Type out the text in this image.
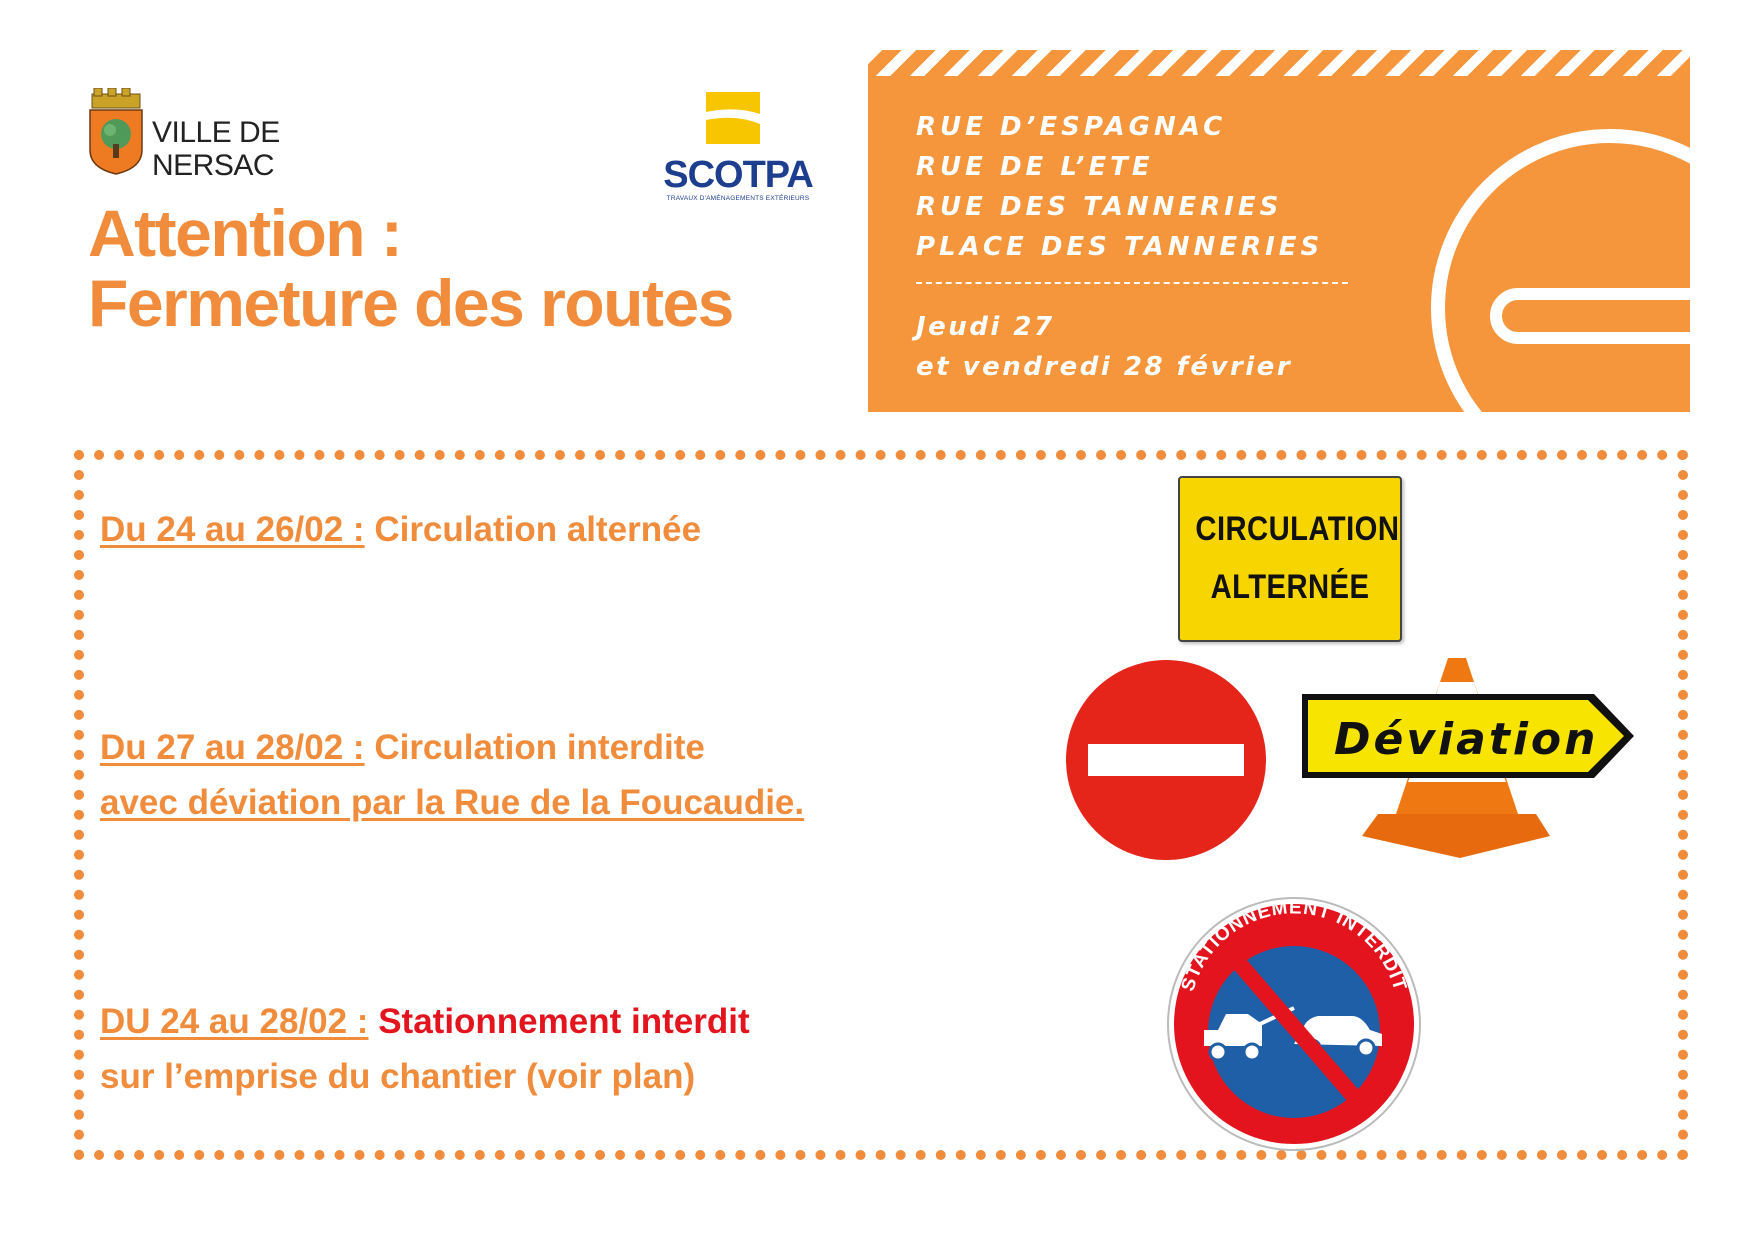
VILLE DE
NERSAC	SCOTPA
TRAVAUX D'AMÉNAGEMENTS EXTÉRIEURS
Attention :
Fermeture des routes
RUE D’ESPAGNAC
RUE DE L’ETE
RUE DES TANNERIES
PLACE DES TANNERIES
Jeudi 27
et vendredi 28 février
Du 24 au 26/02 : Circulation alternée
Du 27 au 28/02 : Circulation interdite
avec déviation par la Rue de la Foucaudie.
DU 24 au 28/02 : Stationnement interdit
sur l’emprise du chantier (voir plan)
CIRCULATION
ALTERNÉE
Déviation
STATIONNEMENT INTERDIT
